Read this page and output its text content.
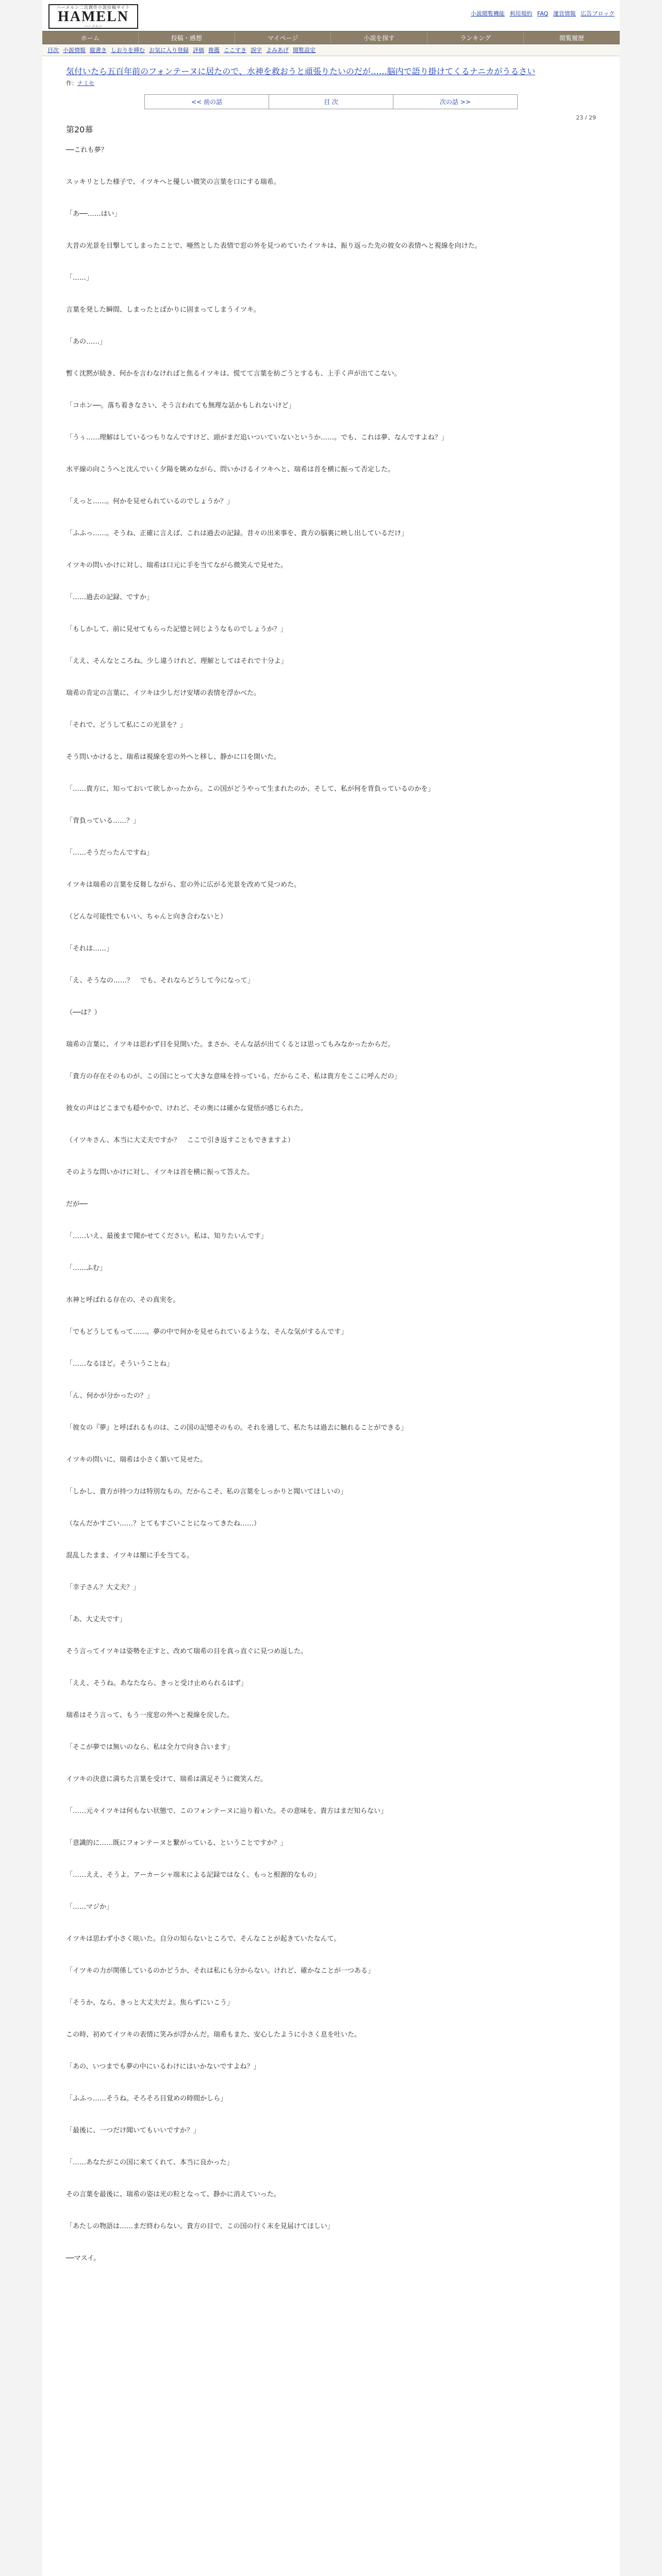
ハーメルン二次創作小説投稿サイト
HAMELN
ハーメルン
小説閲覧機能 利用規約 FAQ 運営情報 広告ブロック
ホーム	投稿・感想	マイページ	小説を探す	ランキング	閲覧履歴
目次 小説情報 縦書き しおりを挿む お気に入り登録 評価 推薦 ここすき 誤字 よみあげ 閲覧設定
気付いたら五百年前のフォンテーヌに居たので、水神を救おうと頑張りたいのだが……脳内で語り掛けてくるナニカがうるさい
作：ナミセ
<< 前の話	目 次	次の話 >>
23 / 29
第20幕

──これも夢？

スッキリとした様子で、イツキヘと優しい微笑の言葉を口にする瑞希。

「あ──……はい」

大昔の光景を目撃してしまったことで、唖然とした表情で窓の外を見つめていたイツキは、振り返った先の彼女の表情へと視線を向けた。

「……」

言葉を発した瞬間、しまったとばかりに固まってしまうイツキ。

「あの……」

暫く沈黙が続き、何かを言わなければと焦るイツキは、慌てて言葉を紡ごうとするも、上手く声が出てこない。

「コホン──。落ち着きなさい、そう言われても無理な話かもしれないけど」

「うぅ……理解はしているつもりなんですけど、頭がまだ追いついていないというか……。でも、これは夢、なんですよね？」

水平線の向こうへと沈んでいく夕陽を眺めながら、問いかけるイツキへと、瑞希は首を横に振って否定した。

「えっと……。何かを見せられているのでしょうか？」

「ふふっ……。そうね、正確に言えば、これは過去の記録。昔々の出来事を、貴方の脳裏に映し出しているだけ」

イツキの問いかけに対し、瑞希は口元に手を当てながら微笑んで見せた。

「……過去の記録、ですか」

「もしかして、前に見せてもらった記憶と同じようなものでしょうか？」

「ええ、そんなところね。少し違うけれど、理解としてはそれで十分よ」

瑞希の肯定の言葉に、イツキは少しだけ安堵の表情を浮かべた。

「それで、どうして私にこの光景を？」

そう問いかけると、瑞希は視線を窓の外へと移し、静かに口を開いた。

「……貴方に、知っておいて欲しかったから。この国がどうやって生まれたのか、そして、私が何を背負っているのかを」

「背負っている……？」

「……そうだったんですね」

イツキは瑞希の言葉を反芻しながら、窓の外に広がる光景を改めて見つめた。

（どんな可能性でもいい、ちゃんと向き合わないと）

「それは……」

「え、そうなの……？　でも、それならどうして今になって」

（──は？）

瑞希の言葉に、イツキは思わず目を見開いた。まさか、そんな話が出てくるとは思ってもみなかったからだ。

「貴方の存在そのものが、この国にとって大きな意味を持っている。だからこそ、私は貴方をここに呼んだの」

彼女の声はどこまでも穏やかで、けれど、その奥には確かな覚悟が感じられた。

（イツキさん、本当に大丈夫ですか？　ここで引き返すこともできますよ）

そのような問いかけに対し、イツキは首を横に振って答えた。

だが──

「……いえ、最後まで聞かせてください。私は、知りたいんです」

「……ふむ」

水神と呼ばれる存在の、その真実を。

「でもどうしてもって……。夢の中で何かを見せられているような、そんな気がするんです」

「……なるほど。そういうことね」

「ん、何かが分かったの？」

「彼女の『夢』と呼ばれるものは、この国の記憶そのもの。それを通して、私たちは過去に触れることができる」

イツキの問いに、瑞希は小さく頷いて見せた。

「しかし、貴方が持つ力は特別なもの。だからこそ、私の言葉をしっかりと聞いてほしいの」

（なんだかすごい……？とてもすごいことになってきたね……）

混乱したまま、イツキは額に手を当てる。

「幸子さん？大丈夫？」

「あ、大丈夫です」

そう言ってイツキは姿勢を正すと、改めて瑞希の目を真っ直ぐに見つめ返した。

「ええ、そうね。あなたなら、きっと受け止められるはず」

瑞希はそう言って、もう一度窓の外へと視線を戻した。

「そこが夢では無いのなら、私は全力で向き合います」

イツキの決意に満ちた言葉を受けて、瑞希は満足そうに微笑んだ。

「……元々イツキは何もない状態で、このフォンテーヌに辿り着いた。その意味を、貴方はまだ知らない」

「意識的に……既にフォンテーヌと繋がっている、ということですか？」

「……ええ、そうよ。アーカーシャ端末による記録ではなく、もっと根源的なもの」

「……マジか」

イツキは思わず小さく呟いた。自分の知らないところで、そんなことが起きていたなんて。

「イツキの力が関係しているのかどうか、それは私にも分からない。けれど、確かなことが一つある」

「そうか、なら、きっと大丈夫だよ。焦らずにいこう」

この時、初めてイツキの表情に笑みが浮かんだ。瑞希もまた、安心したように小さく息を吐いた。

「あの、いつまでも夢の中にいるわけにはいかないですよね？」

「ふふっ……そうね。そろそろ目覚めの時間かしら」

「最後に、一つだけ聞いてもいいですか？」

「……あなたがこの国に来てくれて、本当に良かった」

その言葉を最後に、瑞希の姿は光の粒となって、静かに消えていった。

「あたしの物語は……まだ終わらない。貴方の目で、この国の行く末を見届けてほしい」

──マスイ。
